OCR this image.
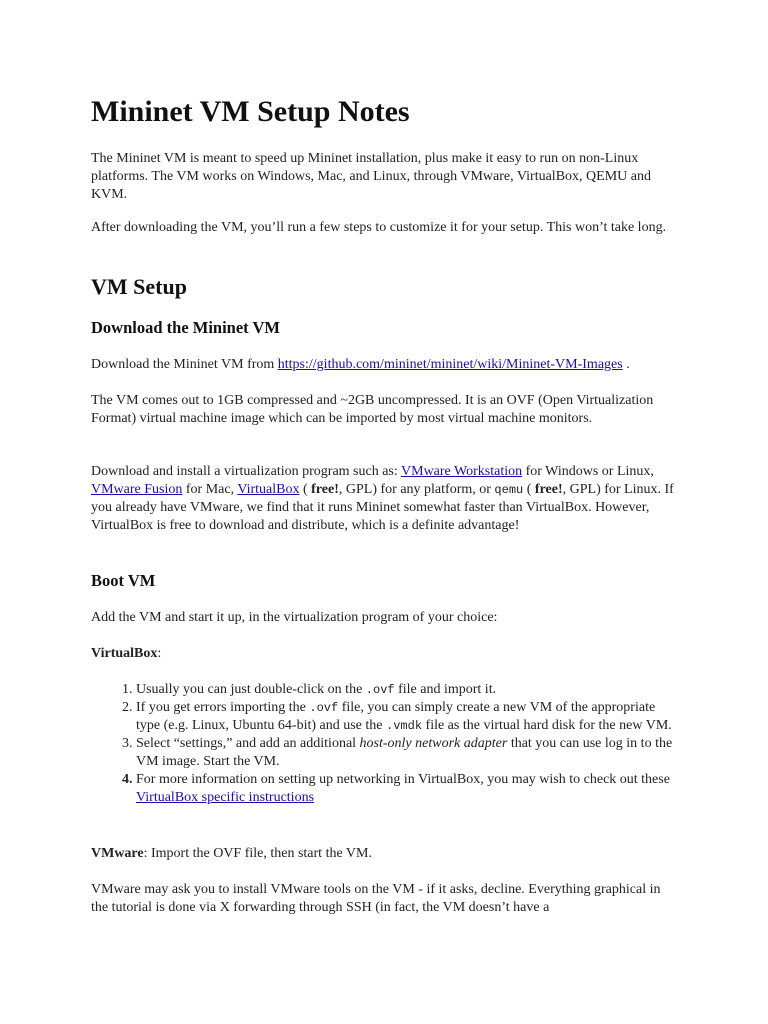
Mininet VM Setup Notes

The Mininet VM is meant to speed up Mininet installation, plus make it easy to run on non-Linux platforms. The VM works on Windows, Mac, and Linux, through VMware, VirtualBox, QEMU and KVM.

After downloading the VM, you’ll run a few steps to customize it for your setup. This won’t take long.

VM Setup
Download the Mininet VM

Download the Mininet VM from https://github.com/mininet/mininet/wiki/Mininet-VM-Images .

The VM comes out to 1GB compressed and ~2GB uncompressed. It is an OVF (Open Virtualization Format) virtual machine image which can be imported by most virtual machine monitors.

Download and install a virtualization program such as: VMware Workstation for Windows or Linux, VMware Fusion for Mac, VirtualBox ( free!, GPL) for any platform, or qemu ( free!, GPL) for Linux. If you already have VMware, we find that it runs Mininet somewhat faster than VirtualBox. However, VirtualBox is free to download and distribute, which is a definite advantage!

Boot VM

Add the VM and start it up, in the virtualization program of your choice:

VirtualBox:

1. Usually you can just double-click on the .ovf file and import it.
2. If you get errors importing the .ovf file, you can simply create a new VM of the appropriate type (e.g. Linux, Ubuntu 64-bit) and use the .vmdk file as the virtual hard disk for the new VM.
3. Select “settings,” and add an additional host-only network adapter that you can use log in to the VM image. Start the VM.
4. For more information on setting up networking in VirtualBox, you may wish to check out these VirtualBox specific instructions

VMware: Import the OVF file, then start the VM.

VMware may ask you to install VMware tools on the VM - if it asks, decline. Everything graphical in the tutorial is done via X forwarding through SSH (in fact, the VM doesn’t have a
